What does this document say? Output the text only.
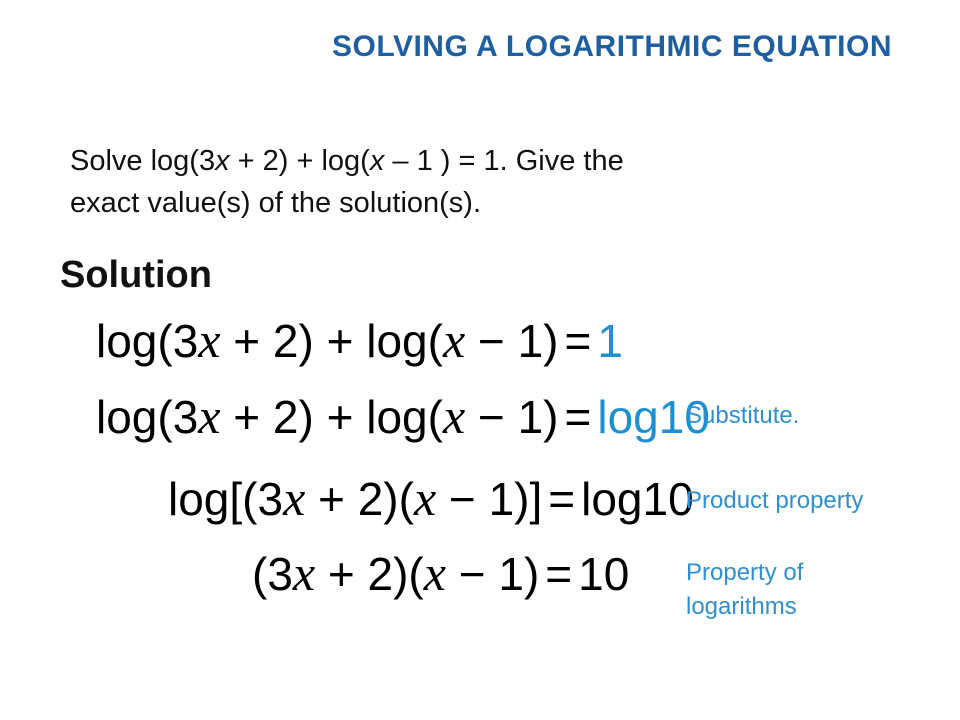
SOLVING A LOGARITHMIC EQUATION
Solve log(3x + 2) + log(x – 1 ) = 1. Give the
exact value(s) of the solution(s).
Solution
log(3x + 2) + log(x − 1) = 1
log(3x + 2) + log(x − 1) = log10
Substitute.
log[(3x + 2)(x − 1)] = log10
Product property
(3x + 2)(x − 1) = 10 Property of
logarithms
